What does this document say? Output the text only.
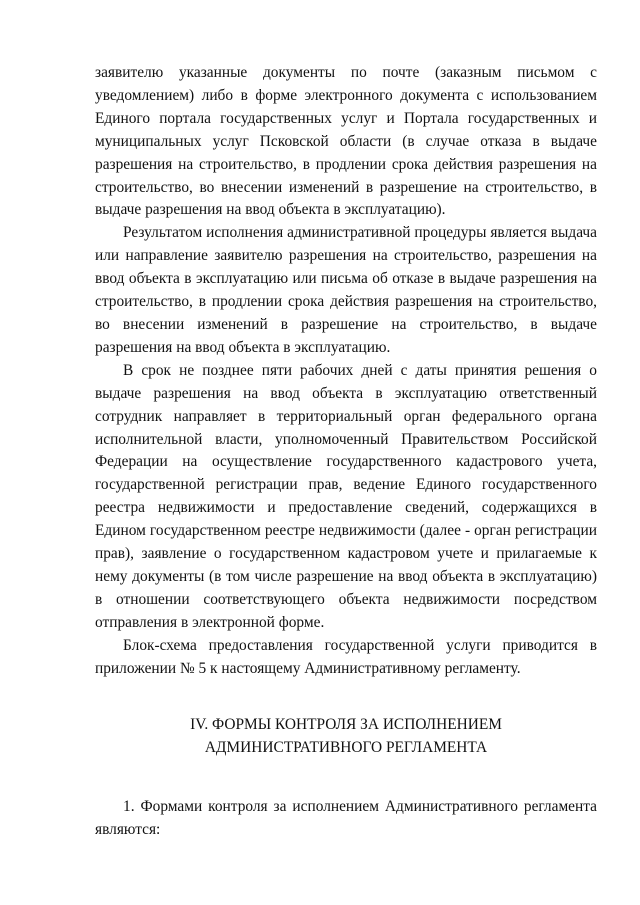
заявителю указанные документы по почте (заказным письмом с уведомлением) либо в форме электронного документа с использованием Единого портала государственных услуг и Портала государственных и муниципальных услуг Псковской области (в случае отказа в выдаче разрешения на строительство, в продлении срока действия разрешения на строительство, во внесении изменений в разрешение на строительство, в выдаче разрешения на ввод объекта в эксплуатацию).

Результатом исполнения административной процедуры является выдача или направление заявителю разрешения на строительство, разрешения на ввод объекта в эксплуатацию или письма об отказе в выдаче разрешения на строительство, в продлении срока действия разрешения на строительство, во внесении изменений в разрешение на строительство, в выдаче разрешения на ввод объекта в эксплуатацию.

В срок не позднее пяти рабочих дней с даты принятия решения о выдаче разрешения на ввод объекта в эксплуатацию ответственный сотрудник направляет в территориальный орган федерального органа исполнительной власти, уполномоченный Правительством Российской Федерации на осуществление государственного кадастрового учета, государственной регистрации прав, ведение Единого государственного реестра недвижимости и предоставление сведений, содержащихся в Едином государственном реестре недвижимости (далее - орган регистрации прав), заявление о государственном кадастровом учете и прилагаемые к нему документы (в том числе разрешение на ввод объекта в эксплуатацию) в отношении соответствующего объекта недвижимости посредством отправления в электронной форме.

Блок-схема предоставления государственной услуги приводится в приложении № 5 к настоящему Административному регламенту.

IV. ФОРМЫ КОНТРОЛЯ ЗА ИСПОЛНЕНИЕМ
АДМИНИСТРАТИВНОГО РЕГЛАМЕНТА

1. Формами контроля за исполнением Административного регламента являются:
